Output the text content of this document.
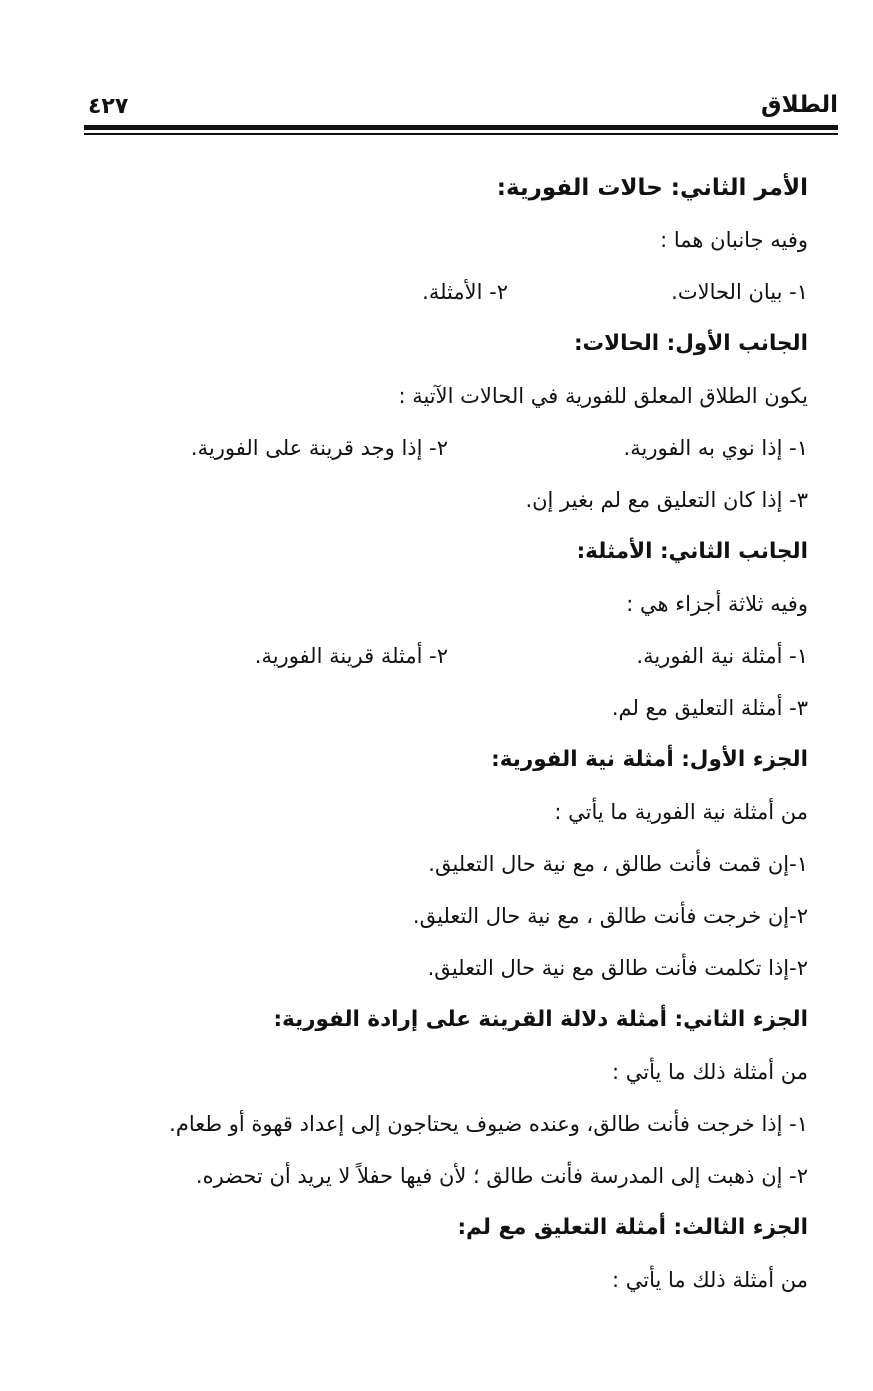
الطلاق
٤٢٧
الأمر الثاني: حالات الفورية:
وفيه جانبان هما :
١- بيان الحالات.
٢- الأمثلة.
الجانب الأول: الحالات:
يكون الطلاق المعلق للفورية في الحالات الآتية :
١- إذا نوي به الفورية.
٢- إذا وجد قرينة على الفورية.
٣- إذا كان التعليق مع لم بغير إن.
الجانب الثاني: الأمثلة:
وفيه ثلاثة أجزاء هي :
١- أمثلة نية الفورية.
٢- أمثلة قرينة الفورية.
٣- أمثلة التعليق مع لم.
الجزء الأول: أمثلة نية الفورية:
من أمثلة نية الفورية ما يأتي :
١-إن قمت فأنت طالق ، مع نية حال التعليق.
٢-إن خرجت فأنت طالق ، مع نية حال التعليق.
٢-إذا تكلمت فأنت طالق مع نية حال التعليق.
الجزء الثاني: أمثلة دلالة القرينة على إرادة الفورية:
من أمثلة ذلك ما يأتي :
١- إذا خرجت فأنت طالق، وعنده ضيوف يحتاجون إلى إعداد قهوة أو طعام.
٢- إن ذهبت إلى المدرسة فأنت طالق ؛ لأن فيها حفلاً لا يريد أن تحضره.
الجزء الثالث: أمثلة التعليق مع لم:
من أمثلة ذلك ما يأتي :
